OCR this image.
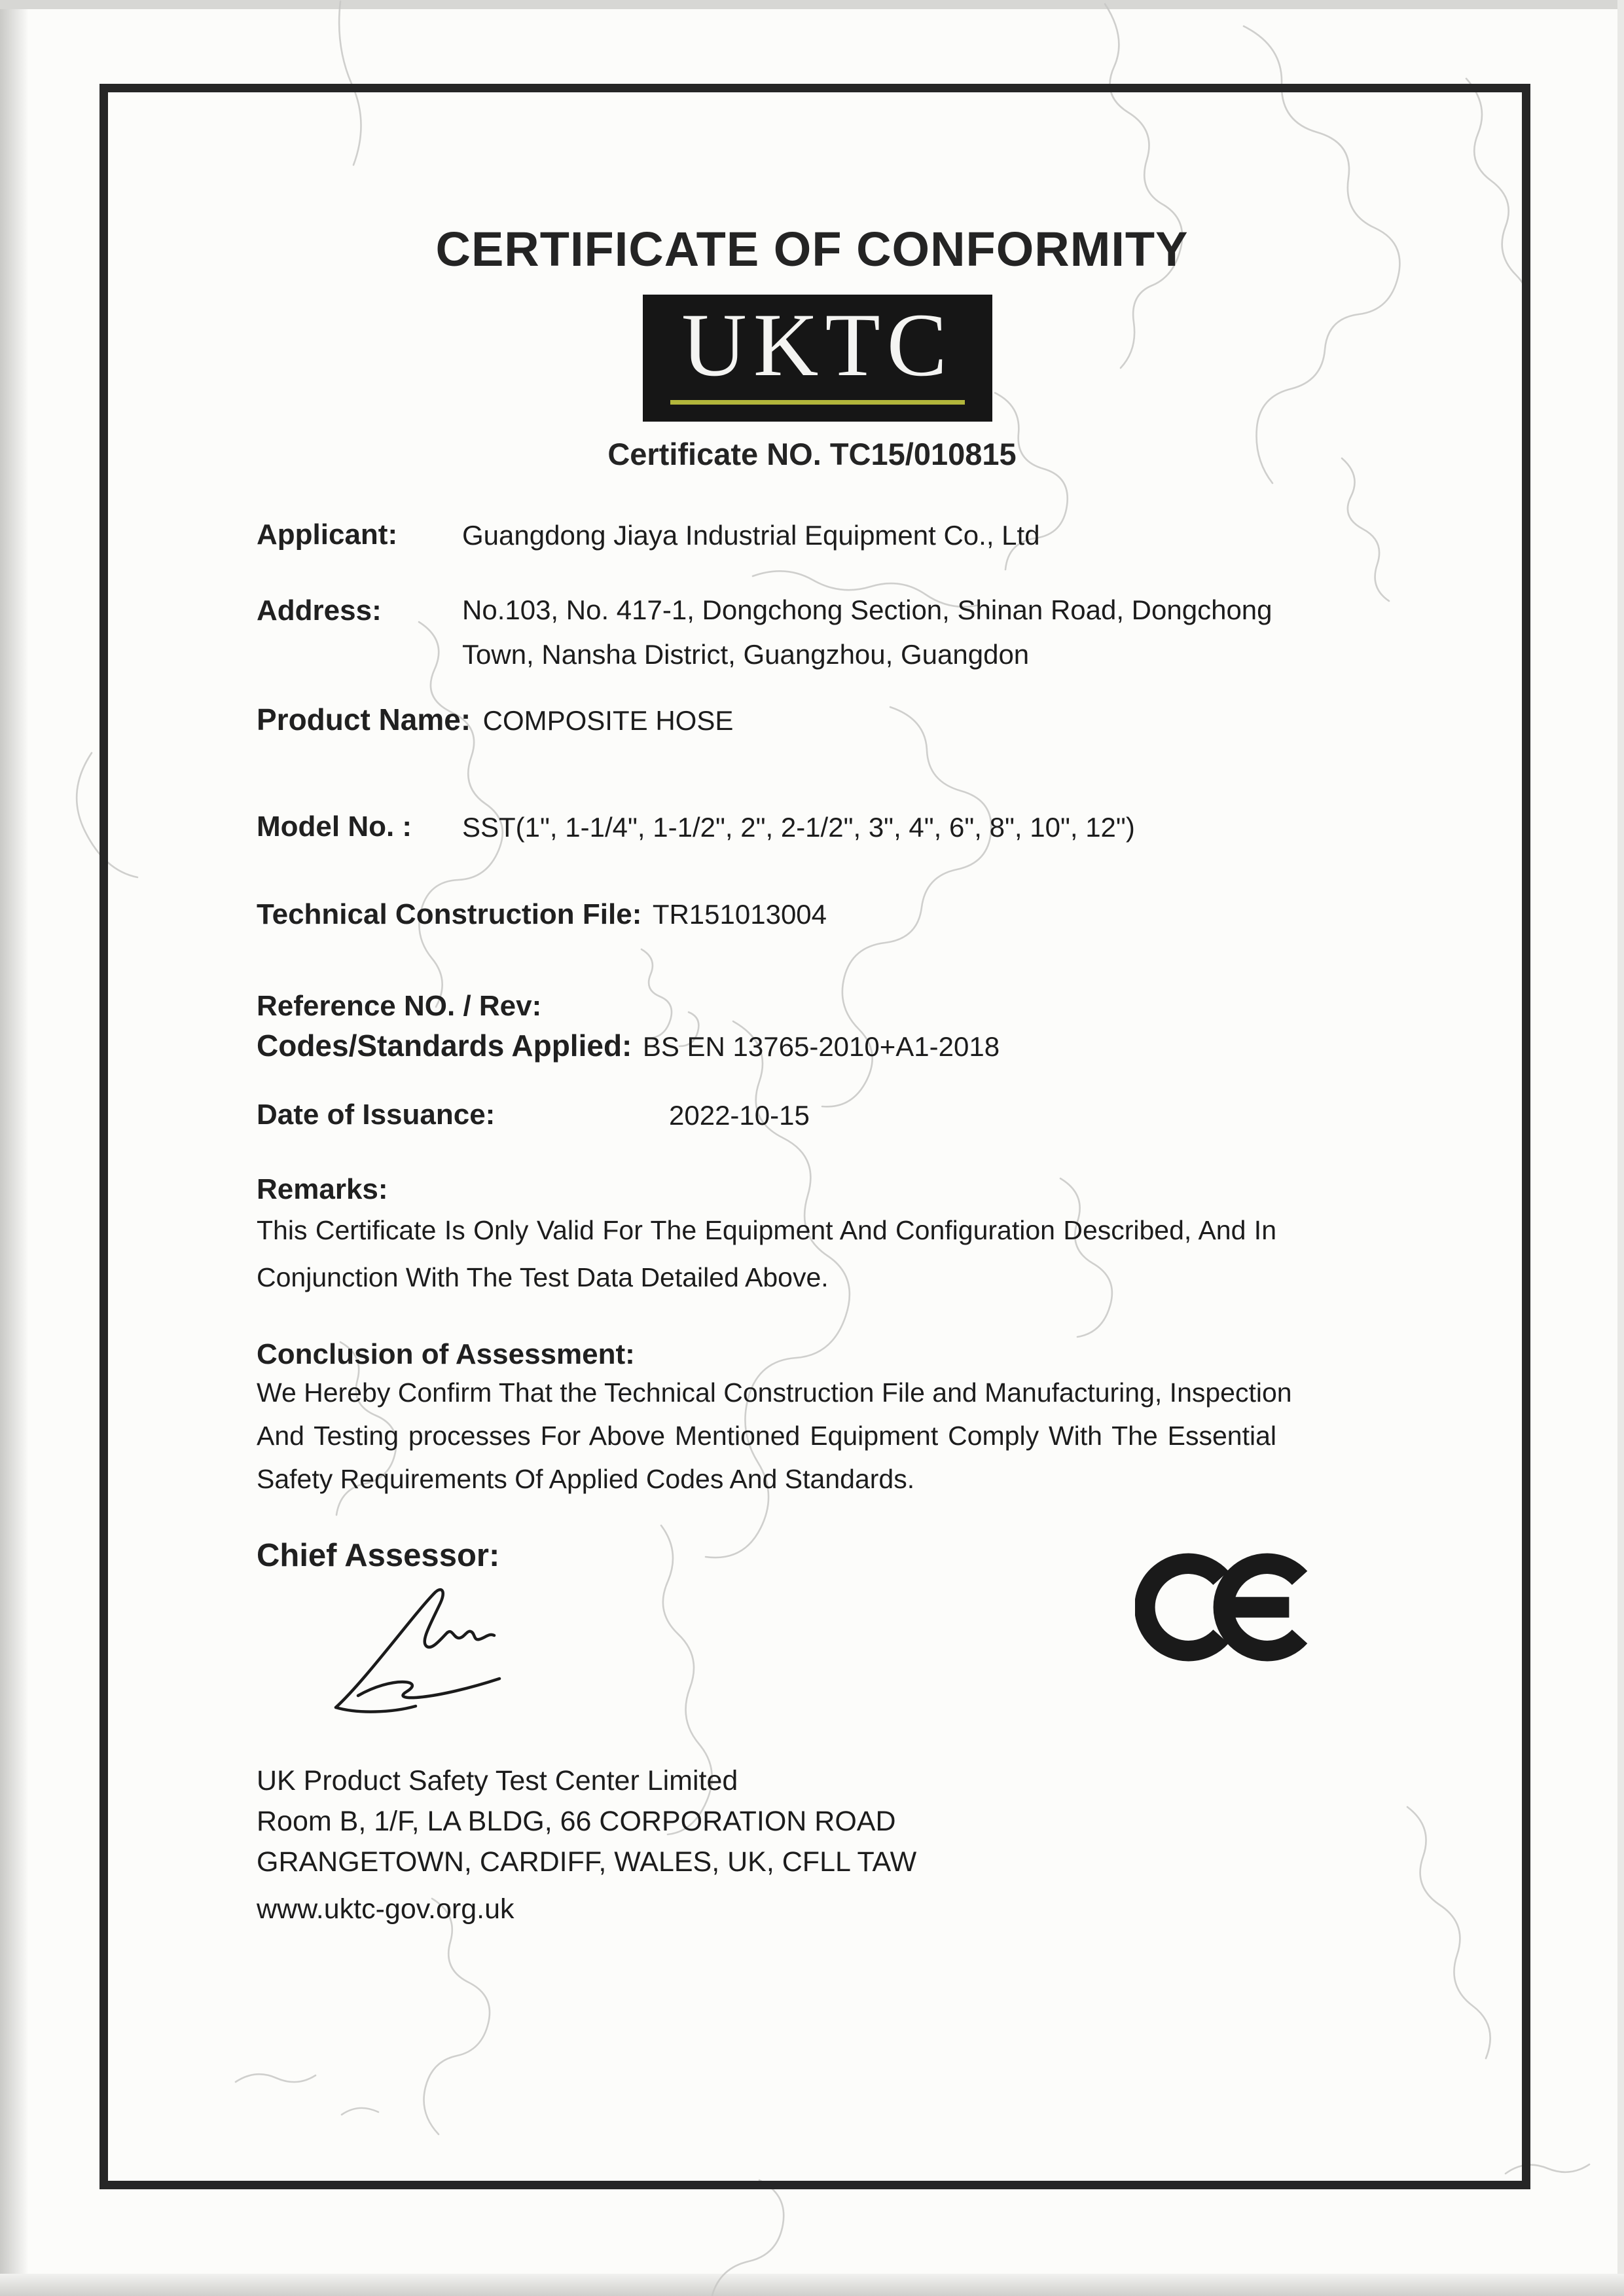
CERTIFICATE OF CONFORMITY
UKTC
Certificate NO. TC15/010815
Applicant: Guangdong Jiaya Industrial Equipment Co., Ltd
Address:	No.103, No. 417-1, Dongchong Section, Shinan Road, Dongchong
Town, Nansha District, Guangzhou, Guangdon
Product Name: COMPOSITE HOSE
Model No. : SST(1", 1-1/4", 1-1/2", 2", 2-1/2", 3", 4", 6", 8", 10", 12")
Technical Construction File: TR151013004
Reference NO. / Rev:
Codes/Standards Applied: BS EN 13765-2010+A1-2018
Date of Issuance:	2022-10-15
Remarks:
This Certificate Is Only Valid For The Equipment And Configuration Described, And In
Conjunction With The Test Data Detailed Above.
Conclusion of Assessment:
We Hereby Confirm That the Technical Construction File and Manufacturing, Inspection
And Testing processes For Above Mentioned Equipment Comply With The Essential
Safety Requirements Of Applied Codes And Standards.
Chief Assessor:
UK Product Safety Test Center Limited
Room B, 1/F, LA BLDG, 66 CORPORATION ROAD
GRANGETOWN, CARDIFF, WALES, UK, CFLL TAW
www.uktc-gov.org.uk
